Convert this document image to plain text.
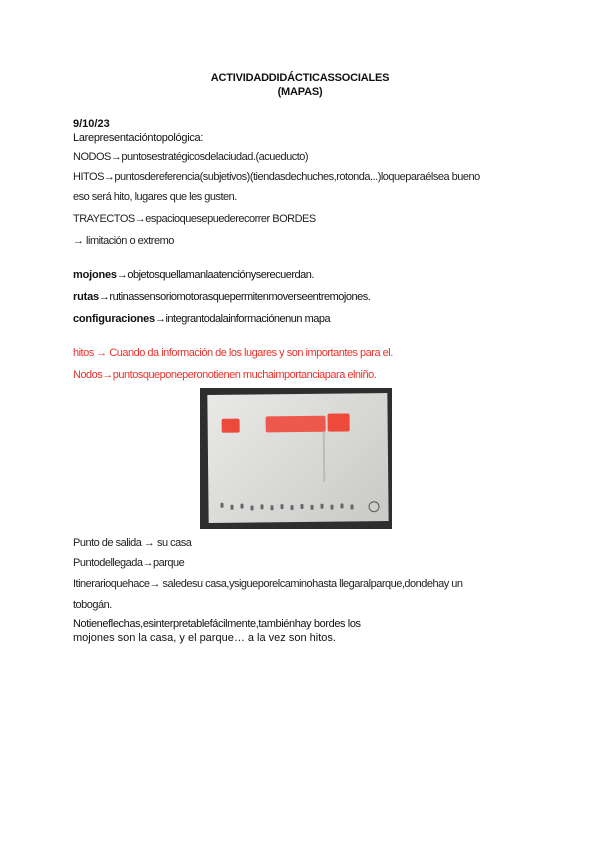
ACTIVIDADDIDÁCTICASSOCIALES
(MAPAS)
9/10/23
Larepresentacióntopológica:
NODOS→puntosestratégicosdelaciudad.(acueducto)
HITOS→puntosdereferencia(subjetivos)(tiendasdechuches,rotonda...)loqueparaélsea bueno
eso será hito, lugares que les gusten.
TRAYECTOS→espacioquesepuederecorrer BORDES
→ limitación o extremo
mojones→objetosquellamanlaatenciónyserecuerdan.
rutas→rutinassensoriomotorasquepermitenmoverseentremojones.
configuraciones→integrantodalainformaciónenun mapa
hitos → Cuando da información de los lugares y son importantes para el.
Nodos→puntosqueponeperonotienen muchaimportanciapara elniño.
Punto de salida → su casa
Puntodellegada→parque
Itinerarioquehace→ saledesu casa,ysigueporelcaminohasta llegaralparque,dondehay un
tobogán.
Notieneflechas,esinterpretablefácilmente,tambiénhay bordes los
mojones son la casa, y el parque… a la vez son hitos.
